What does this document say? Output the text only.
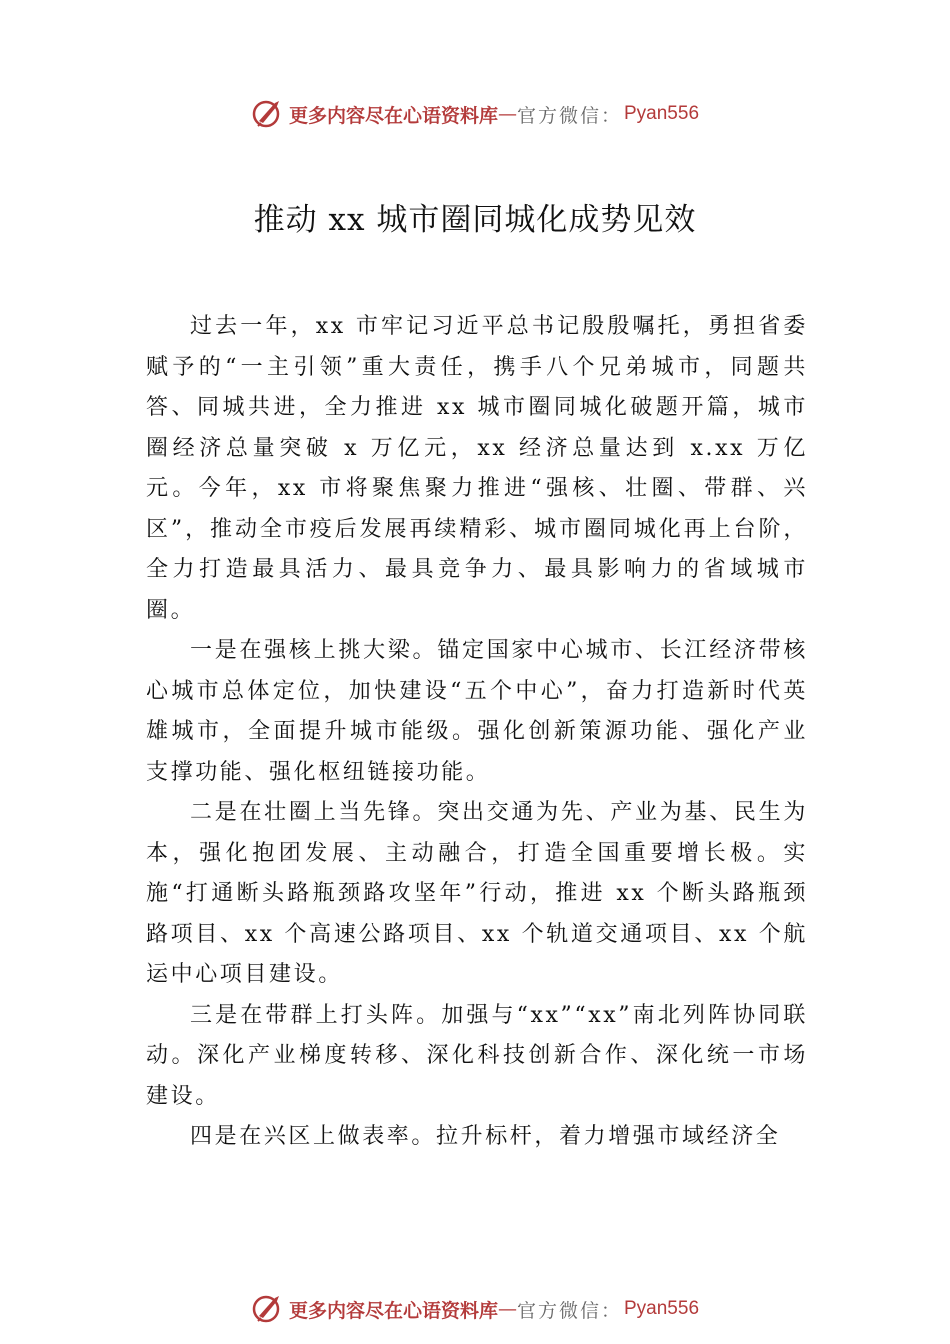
更多内容尽在心语资料库 — 官方微信： Pyan556
推动 xx 城市圈同城化成势见效

过去一年，xx 市牢记习近平总书记殷殷嘱托，勇担省委赋予的“一主引领”重大责任，携手八个兄弟城市，同题共 答、同城共进，全力推进 xx 城市圈同城化破题开篇，城市圈经济总量突破 x 万亿元，xx 经济总量达到 x.xx 万亿元。今年，xx 市将聚焦聚力推进“强核、壮圈、带群、兴区”，推动全市疫后发展再续精彩、城市圈同城化再上台阶，全力打造最具活力、最具竞争力、最具影响力的省域城市圈。

一是在强核上挑大梁。锚定国家中心城市、长江经济带核心城市总体定位，加快建设“五个中心”，奋力打造新时代英雄城市，全面提升城市能级。强化创新策源功能、强化产业支撑功能、强化枢纽链接功能。

二是在壮圈上当先锋。突出交通为先、产业为基、民生为本，强化抱团发展、主动融合，打造全国重要增长极。实施“打通断头路瓶颈路攻坚年”行动，推进 xx 个断头路瓶颈路项目、xx 个高速公路项目、xx 个轨道交通项目、xx 个航运中心项目建设。

三是在带群上打头阵。加强与“xx”“xx”南北列阵协同联动。深化产业梯度转移、深化科技创新合作、深化统一市场建设。

四是在兴区上做表率。拉升标杆，着力增强市域经济全

更多内容尽在心语资料库 — 官方微信： Pyan556
